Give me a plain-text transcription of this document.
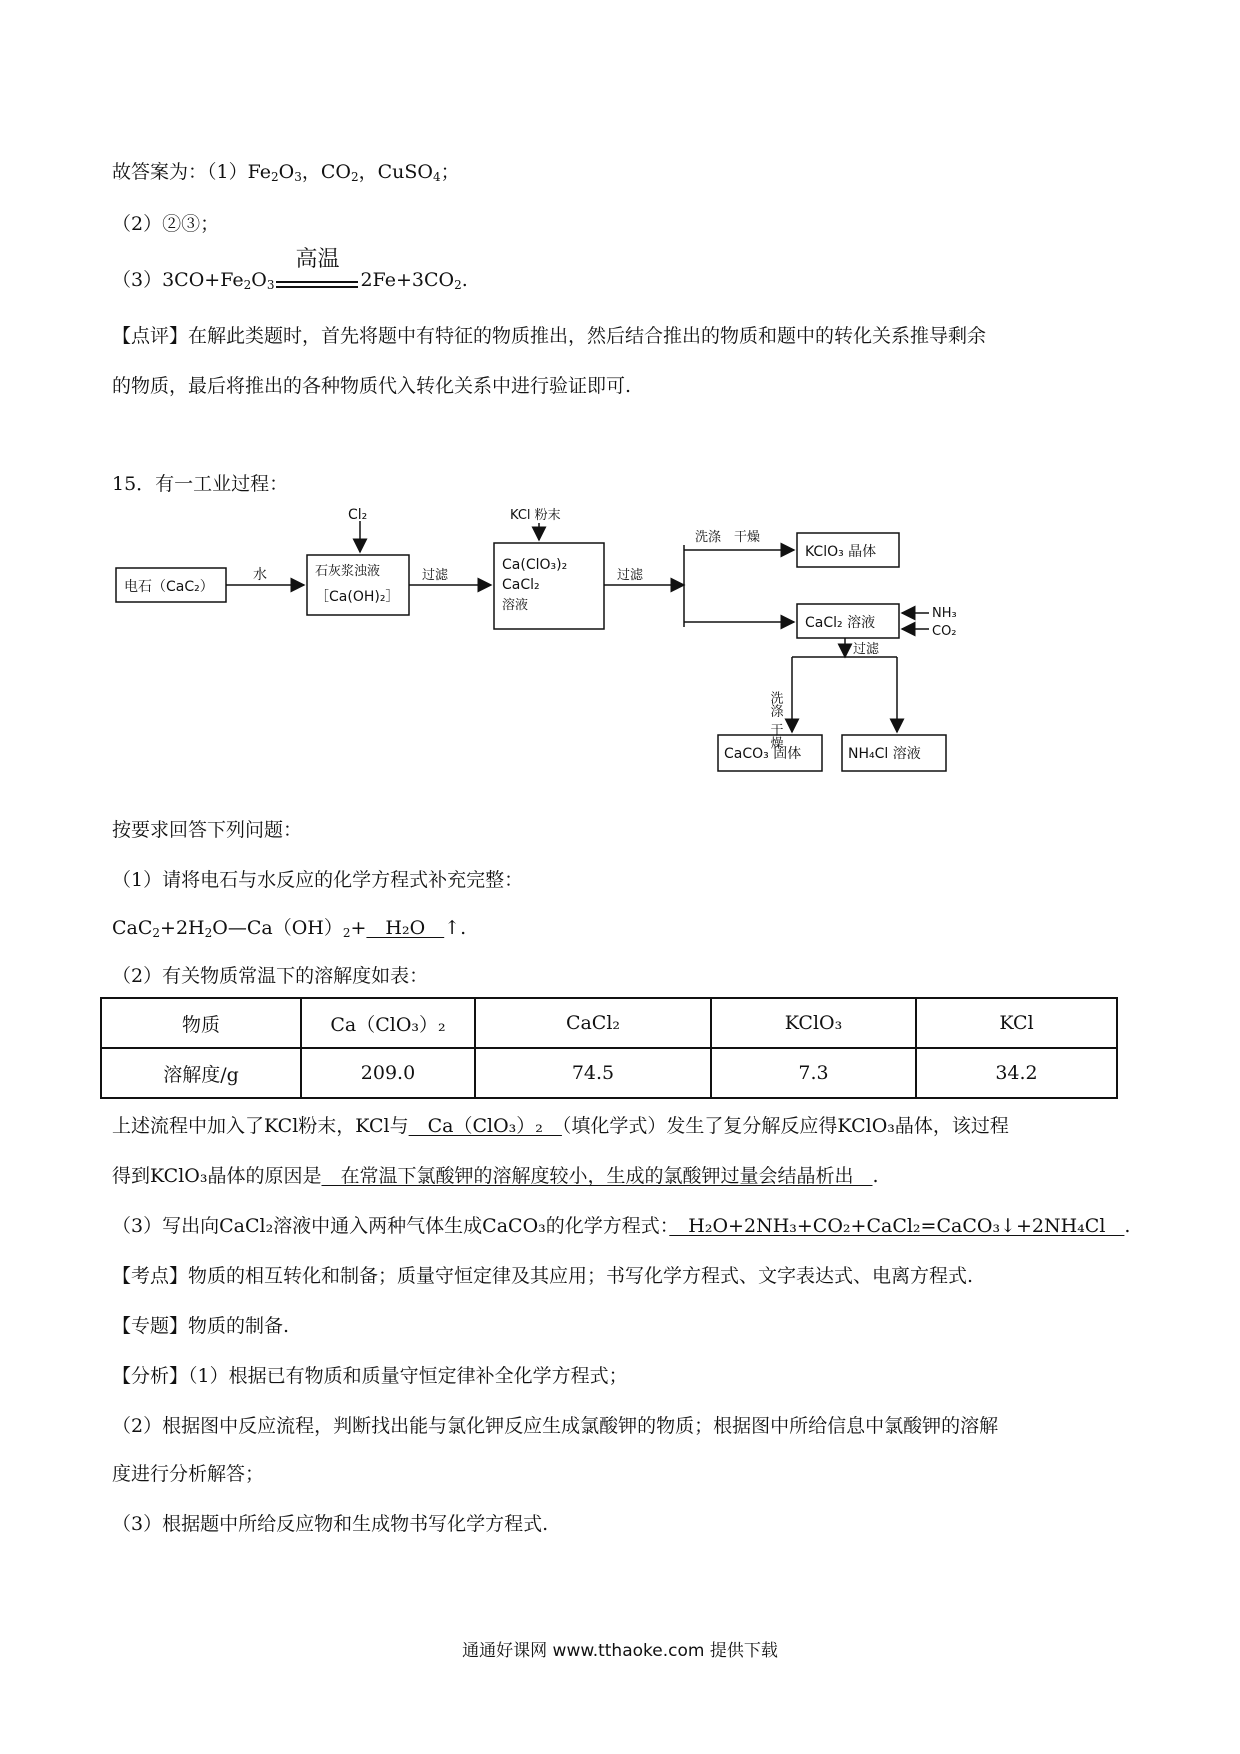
故答案为：$(1)Fe_2O_3$，$CO_2$，CuSO$_4$；
（2）②③；
$(3)3CO+Fe_2O_3$
高温
$2Fe+3CO_2$.
【点评】在解此类题时，首先将题中有特征的物质推出，然后结合推出的物质和题中的转化关系推导剩余
的物质，最后将推出的各种物质代入转化关系中进行验证即可.
15．有一工业过程：
电石（CaC₂）
水
Cl₂
石灰浆浊液
［Ca(OH)₂］
过滤
KCl 粉末
Ca(ClO₃)₂
CaCl₂
溶液
过滤
洗涤　干燥
KClO₃ 晶体
CaCl₂ 溶液
NH₃
CO₂
过滤
洗涤
干燥
CaCO₃ 固体	NH₄Cl 溶液
按要求回答下列问题：
（1）请将电石与水反应的化学方程式补充完整：
$CaC_2+2H_2O—Ca(OH)_2+$　H₂O　↑.
（2）有关物质常温下的溶解度如表：
物质	Ca（ClO₃）₂	CaCl₂	KClO₃	KCl
溶解度/g	209.0	74.5	7.3	34.2
上述流程中加入了KCl粉末，KCl与　Ca（ClO₃）₂　（填化学式）发生了复分解反应得KClO₃晶体，该过程
得到KClO₃晶体的原因是　在常温下氯酸钾的溶解度较小，生成的氯酸钾过量会结晶析出　.
（3）写出向CaCl₂溶液中通入两种气体生成CaCO₃的化学方程式：　H₂O+2NH₃+CO₂+CaCl₂=CaCO₃↓+2NH₄Cl　.
【考点】物质的相互转化和制备；质量守恒定律及其应用；书写化学方程式、文字表达式、电离方程式.
【专题】物质的制备.
【分析】（1）根据已有物质和质量守恒定律补全化学方程式；
（2）根据图中反应流程，判断找出能与氯化钾反应生成氯酸钾的物质；根据图中所给信息中氯酸钾的溶解
度进行分析解答；
（3）根据题中所给反应物和生成物书写化学方程式.
通通好课网 www.tthaoke.com 提供下载
